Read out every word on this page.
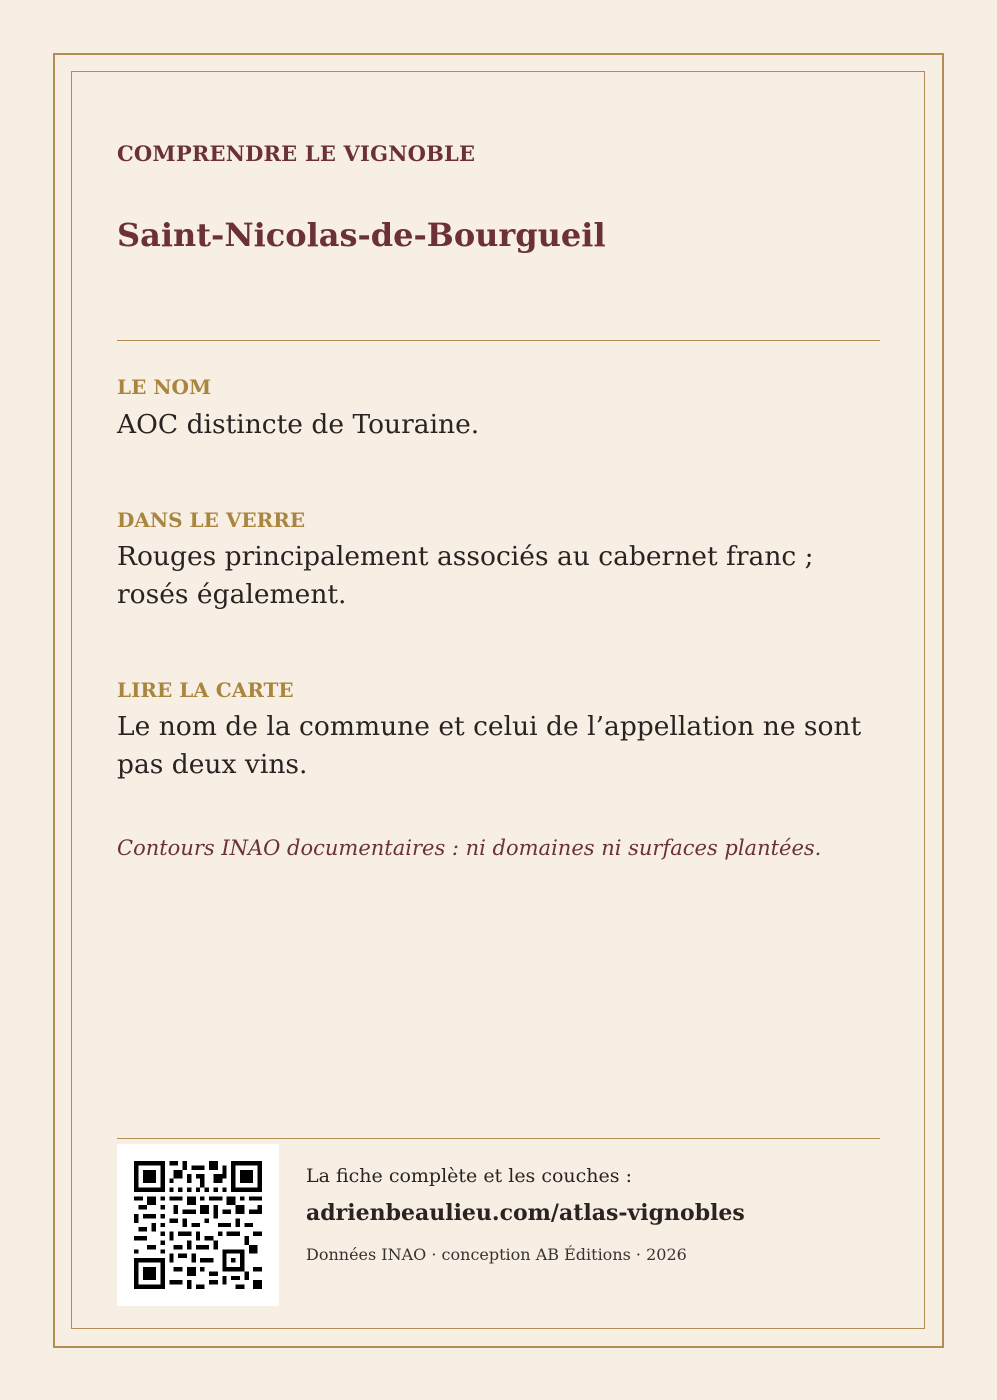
COMPRENDRE LE VIGNOBLE
Saint-Nicolas-de-Bourgueil
LE NOM
AOC distincte de Touraine.
DANS LE VERRE
Rouges principalement associés au cabernet franc ; rosés également.
LIRE LA CARTE
Le nom de la commune et celui de l’appellation ne sont pas deux vins.
Contours INAO documentaires : ni domaines ni surfaces plantées.
La fiche complète et les couches :
adrienbeaulieu.com/atlas-vignobles
Données INAO · conception AB Éditions · 2026
